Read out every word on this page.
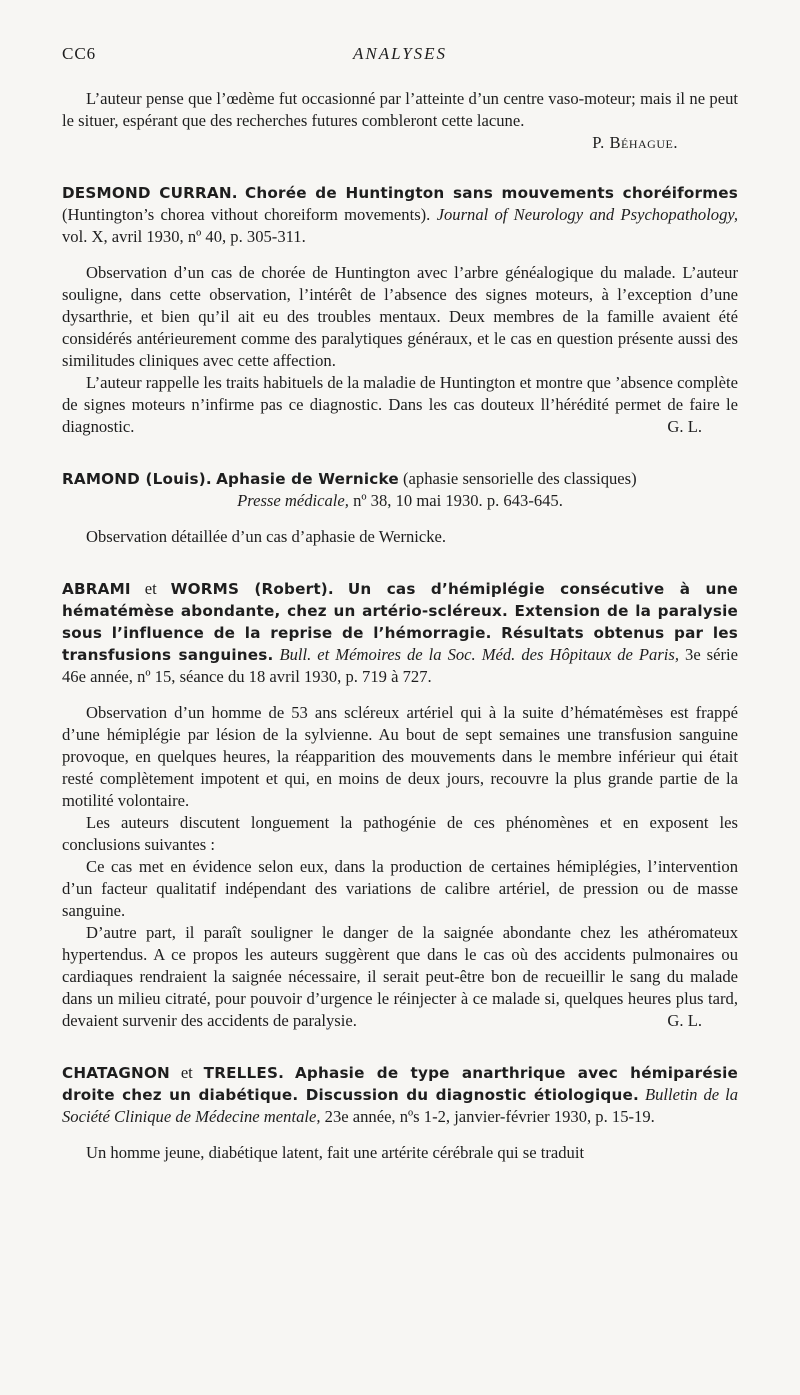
ϹϹ6	ANALYSES

L’auteur pense que l’œdème fut occasionné par l’atteinte d’un centre vaso-moteur; mais il ne peut le situer, espérant que des recherches futures combleront cette lacune.

P. Béhague.

DESMOND CURRAN. Chorée de Huntington sans mouvements choréiformes (Huntington’s chorea vithout choreiform movements). Journal of Neurology and Psychopathology, vol. X, avril 1930, nº 40, p. 305-311.

Observation d’un cas de chorée de Huntington avec l’arbre généalogique du malade. L’auteur souligne, dans cette observation, l’intérêt de l’absence des signes moteurs, à l’exception d’une dysarthrie, et bien qu’il ait eu des troubles mentaux. Deux membres de la famille avaient été considérés antérieurement comme des paralytiques généraux, et le cas en question présente aussi des similitudes cliniques avec cette affection.

L’auteur rappelle les traits habituels de la maladie de Huntington et montre que ’absence complète de signes moteurs n’infirme pas ce diagnostic. Dans les cas douteux ll’hérédité permet de faire le diagnostic.	G. L.

RAMOND (Louis). Aphasie de Wernicke (aphasie sensorielle des classiques)

Presse médicale, nº 38, 10 mai 1930. p. 643-645.

Observation détaillée d’un cas d’aphasie de Wernicke.

ABRAMI et WORMS (Robert). Un cas d’hémiplégie consécutive à une hématémèse abondante, chez un artério-scléreux. Extension de la paralysie sous l’influence de la reprise de l’hémorragie. Résultats obtenus par les transfusions sanguines. Bull. et Mémoires de la Soc. Méd. des Hôpitaux de Paris, 3e série 46e année, nº 15, séance du 18 avril 1930, p. 719 à 727.

Observation d’un homme de 53 ans scléreux artériel qui à la suite d’hématémèses est frappé d’une hémiplégie par lésion de la sylvienne. Au bout de sept semaines une transfusion sanguine provoque, en quelques heures, la réapparition des mouvements dans le membre inférieur qui était resté complètement impotent et qui, en moins de deux jours, recouvre la plus grande partie de la motilité volontaire.

Les auteurs discutent longuement la pathogénie de ces phénomènes et en exposent les conclusions suivantes :

Ce cas met en évidence selon eux, dans la production de certaines hémiplégies, l’intervention d’un facteur qualitatif indépendant des variations de calibre artériel, de pression ou de masse sanguine.

D’autre part, il paraît souligner le danger de la saignée abondante chez les athéromateux hypertendus. A ce propos les auteurs suggèrent que dans le cas où des accidents pulmonaires ou cardiaques rendraient la saignée nécessaire, il serait peut-être bon de recueillir le sang du malade dans un milieu citraté, pour pouvoir d’urgence le réinjecter à ce malade si, quelques heures plus tard, devaient survenir des accidents de paralysie.	G. L.

CHATAGNON et TRELLES. Aphasie de type anarthrique avec hémiparésie droite chez un diabétique. Discussion du diagnostic étiologique. Bulletin de la Société Clinique de Médecine mentale, 23e année, nºs 1-2, janvier-février 1930, p. 15-19.

Un homme jeune, diabétique latent, fait une artérite cérébrale qui se traduit
